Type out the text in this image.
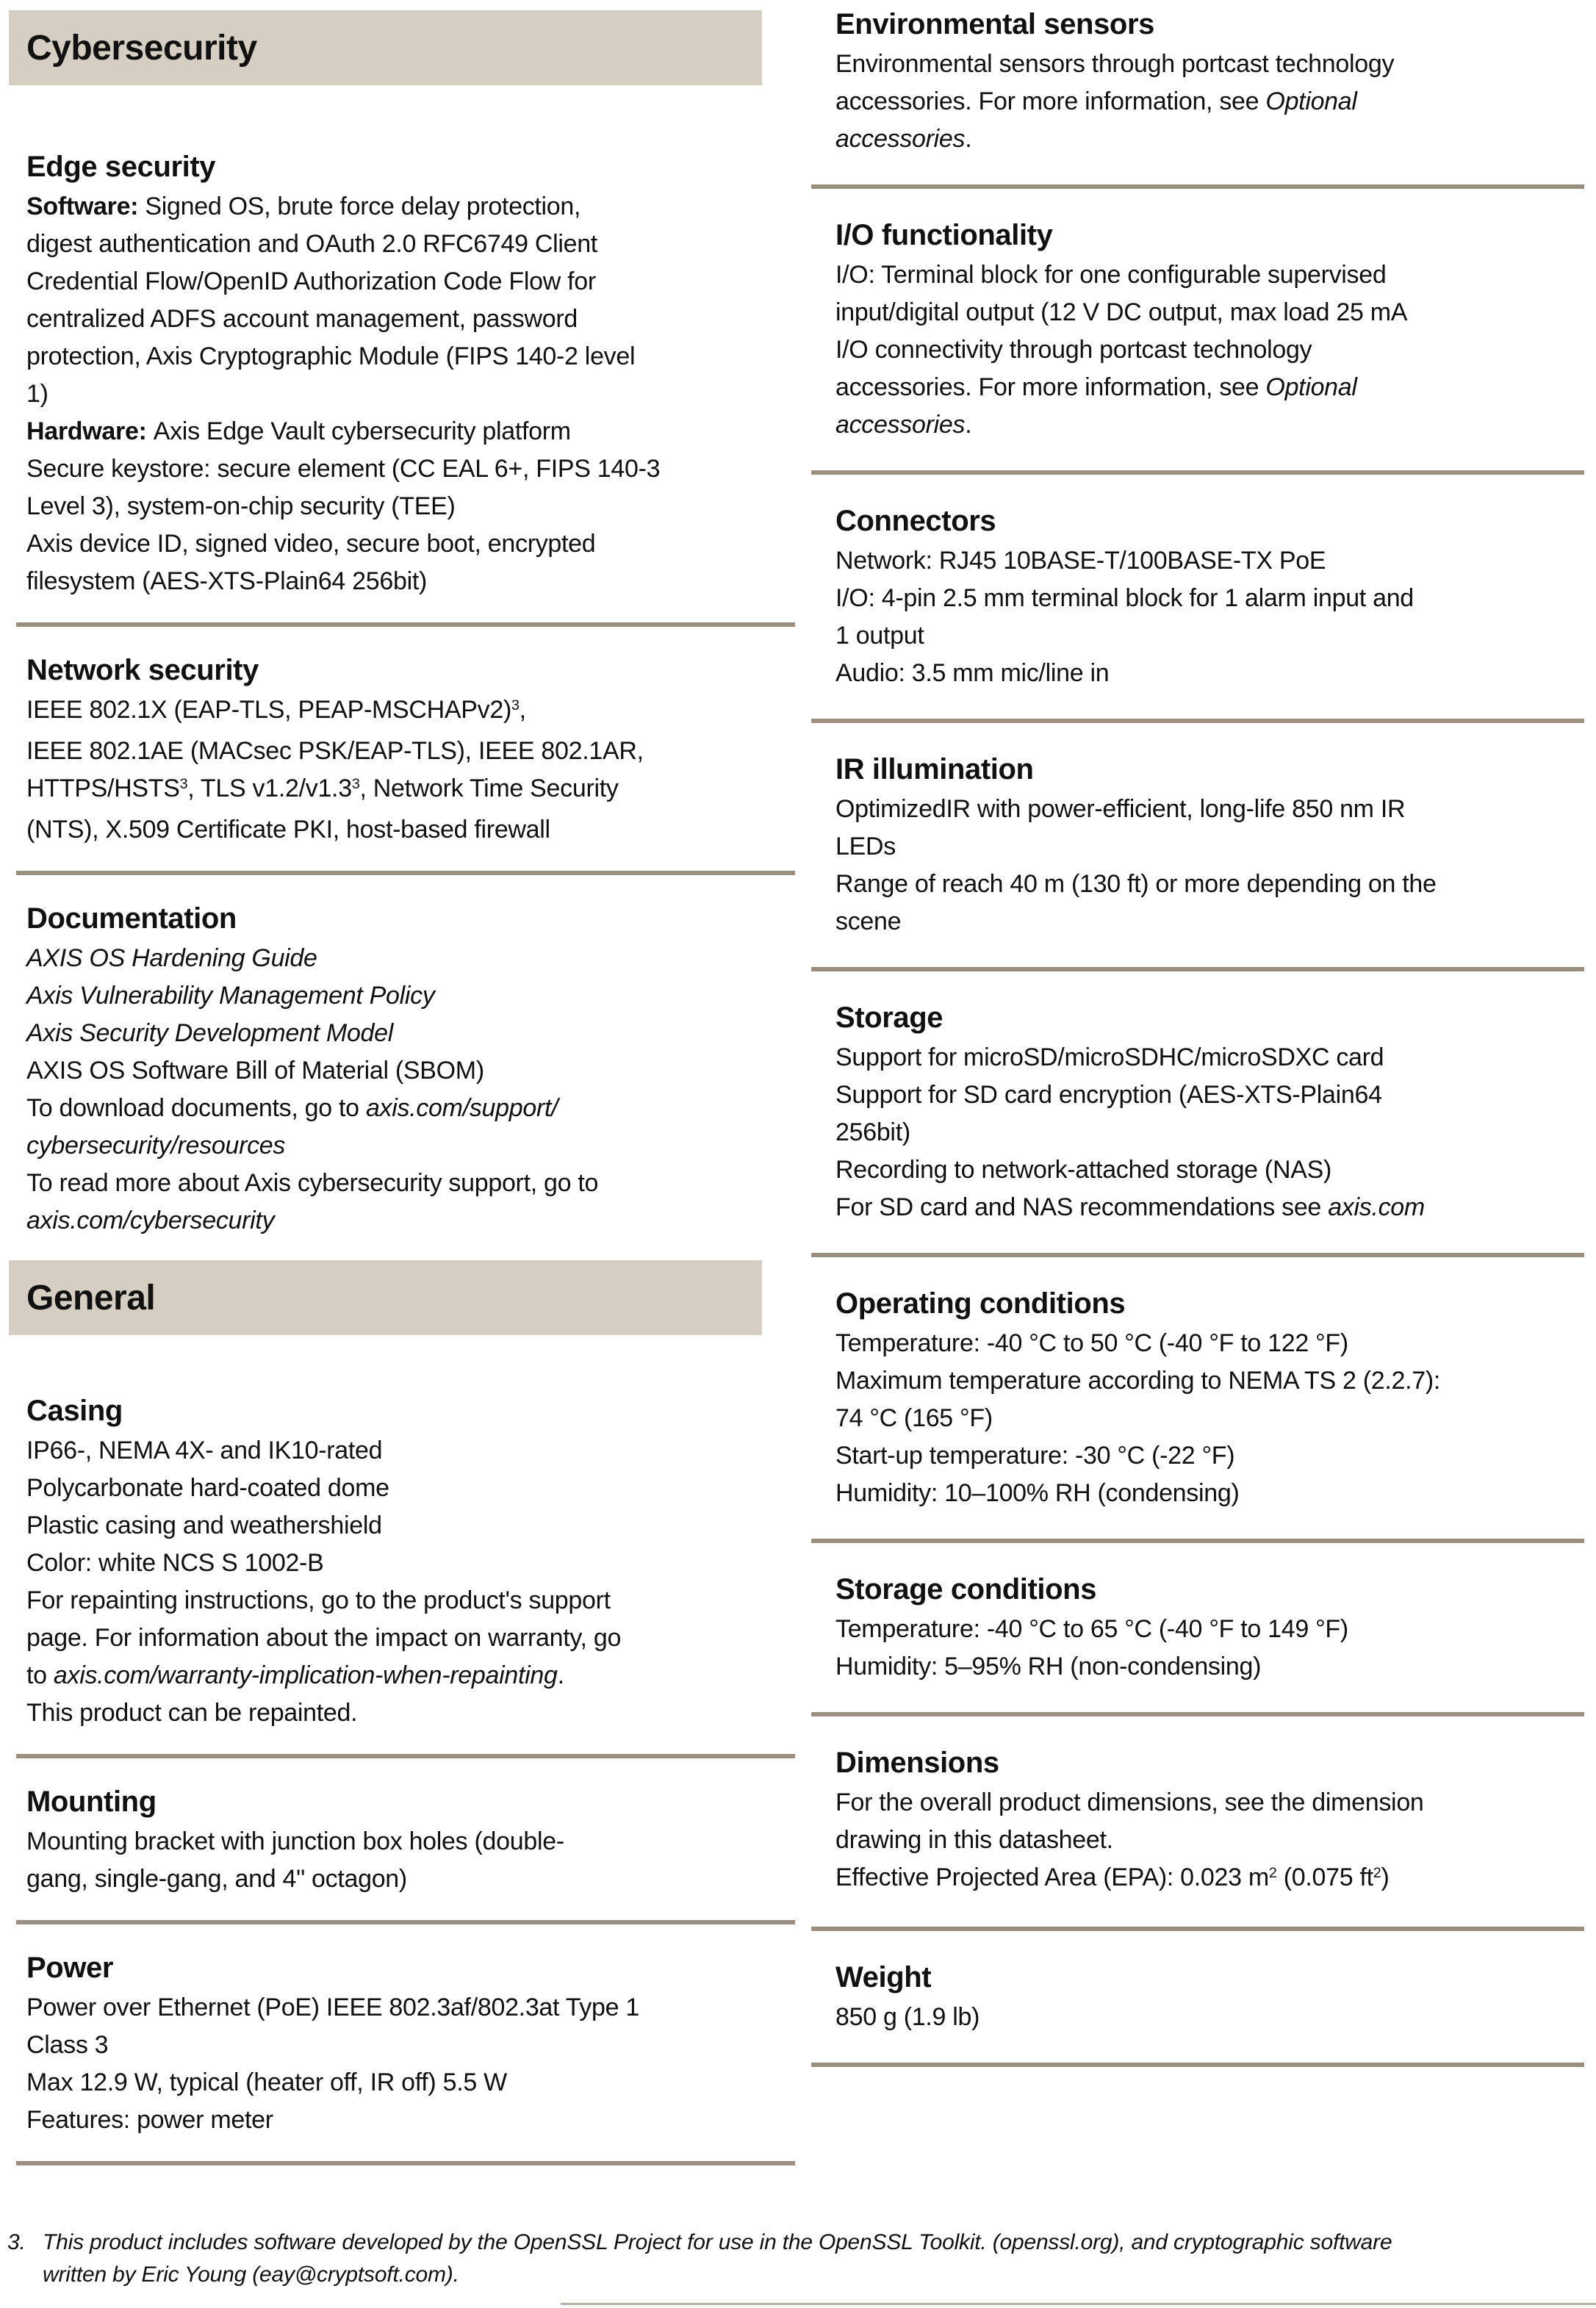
Cybersecurity
Edge security
Software: Signed OS, brute force delay protection,
digest authentication and OAuth 2.0 RFC6749 Client
Credential Flow/OpenID Authorization Code Flow for
centralized ADFS account management, password
protection, Axis Cryptographic Module (FIPS 140-2 level
1)
Hardware: Axis Edge Vault cybersecurity platform
Secure keystore: secure element (CC EAL 6+, FIPS 140-3
Level 3), system-on-chip security (TEE)
Axis device ID, signed video, secure boot, encrypted
filesystem (AES-XTS-Plain64 256bit)
Network security
IEEE 802.1X (EAP-TLS, PEAP-MSCHAPv2)$^3$,
IEEE 802.1AE (MACsec PSK/EAP-TLS), IEEE 802.1AR,
HTTPS/HSTS$^3$, TLS $v1.2/v1.3^3$, Network Time Security
(NTS), X.509 Certificate PKI, host-based firewall
Documentation
AXIS OS Hardening Guide
Axis Vulnerability Management Policy
Axis Security Development Model
AXIS OS Software Bill of Material (SBOM)
To download documents, go to axis.com/support/
cybersecurity/resources
To read more about Axis cybersecurity support, go to
axis.com/cybersecurity
General
Casing
IP66-, NEMA 4X- and IK10-rated
Polycarbonate hard-coated dome
Plastic casing and weathershield
Color: white NCS S 1002-B
For repainting instructions, go to the product's support
page. For information about the impact on warranty, go
to axis.com/warranty-implication-when-repainting.
This product can be repainted.
Mounting
Mounting bracket with junction box holes (double-
gang, single-gang, and 4" octagon)
Power
Power over Ethernet (PoE) IEEE 802.3af/802.3at Type 1
Class 3
Max 12.9 W, typical (heater off, IR off) 5.5 W
Features: power meter
Environmental sensors
Environmental sensors through portcast technology
accessories. For more information, see Optional
accessories.
I/O functionality
I/O: Terminal block for one configurable supervised
input/digital output (12 V DC output, max load 25 mA
I/O connectivity through portcast technology
accessories. For more information, see Optional
accessories.
Connectors
Network: RJ45 10BASE-T/100BASE-TX PoE
I/O: 4-pin 2.5 mm terminal block for 1 alarm input and
1 output
Audio: 3.5 mm mic/line in
IR illumination
OptimizedIR with power-efficient, long-life 850 nm IR
LEDs
Range of reach 40 m (130 ft) or more depending on the
scene
Storage
Support for microSD/microSDHC/microSDXC card
Support for SD card encryption (AES-XTS-Plain64
256bit)
Recording to network-attached storage (NAS)
For SD card and NAS recommendations see axis.com
Operating conditions
Temperature: -40 °C to 50 °C (-40 °F to 122 °F)
Maximum temperature according to NEMA TS 2 (2.2.7):
74 °C (165 °F)
Start-up temperature: -30 °C (-22 °F)
Humidity: 10–100% RH (condensing)
Storage conditions
Temperature: -40 °C to 65 °C (-40 °F to 149 °F)
Humidity: 5–95% RH (non-condensing)
Dimensions
For the overall product dimensions, see the dimension
drawing in this datasheet.
Effective Projected Area (EPA): 0.023 $m^2$ (0.075 $ft^2$)
Weight
850 g (1.9 lb)
3. This product includes software developed by the OpenSSL Project for use in the OpenSSL Toolkit. (openssl.org), and cryptographic software
written by Eric Young (eay@cryptsoft.com).
